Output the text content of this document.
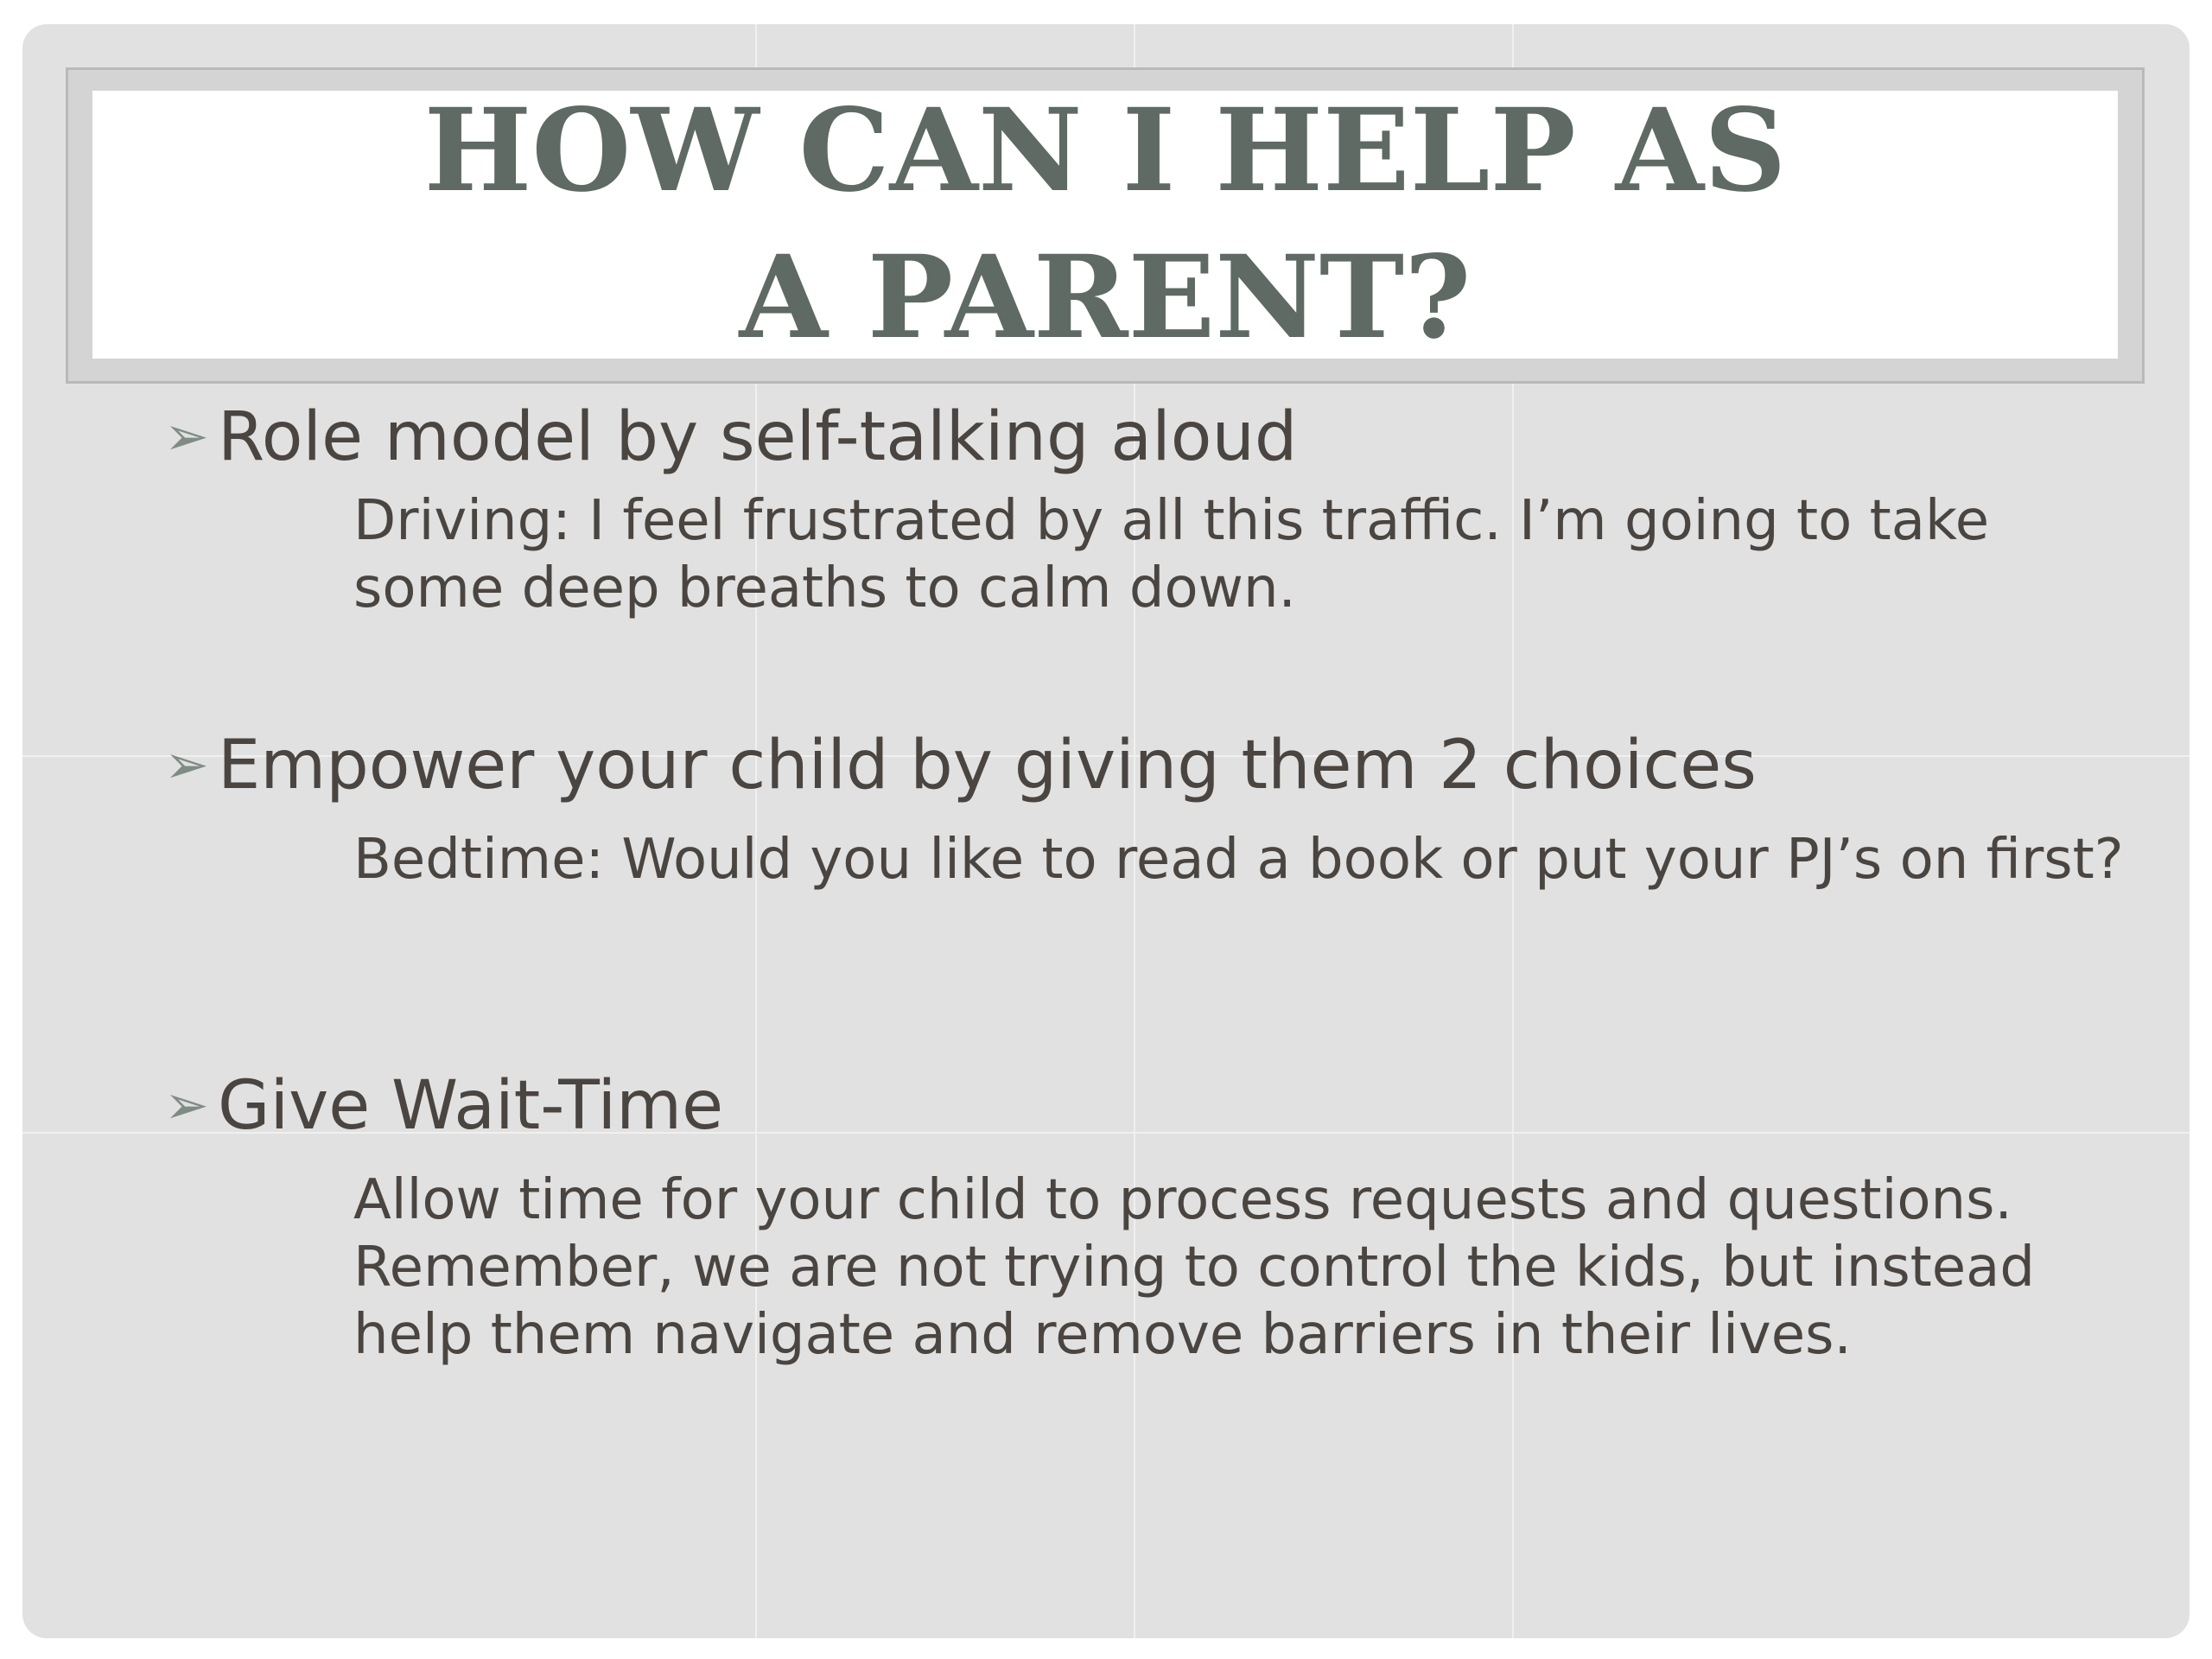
HOW CAN I HELP AS A PARENT?
➢ Role model by self-talking aloud

Driving: I feel frustrated by all this traffic. I’m going to take some deep breaths to calm down.

➢ Empower your child by giving them 2 choices

Bedtime: Would you like to read a book or put your PJ’s on first?

➢ Give Wait-Time

Allow time for your child to process requests and questions. Remember, we are not trying to control the kids, but instead help them navigate and remove barriers in their lives.
